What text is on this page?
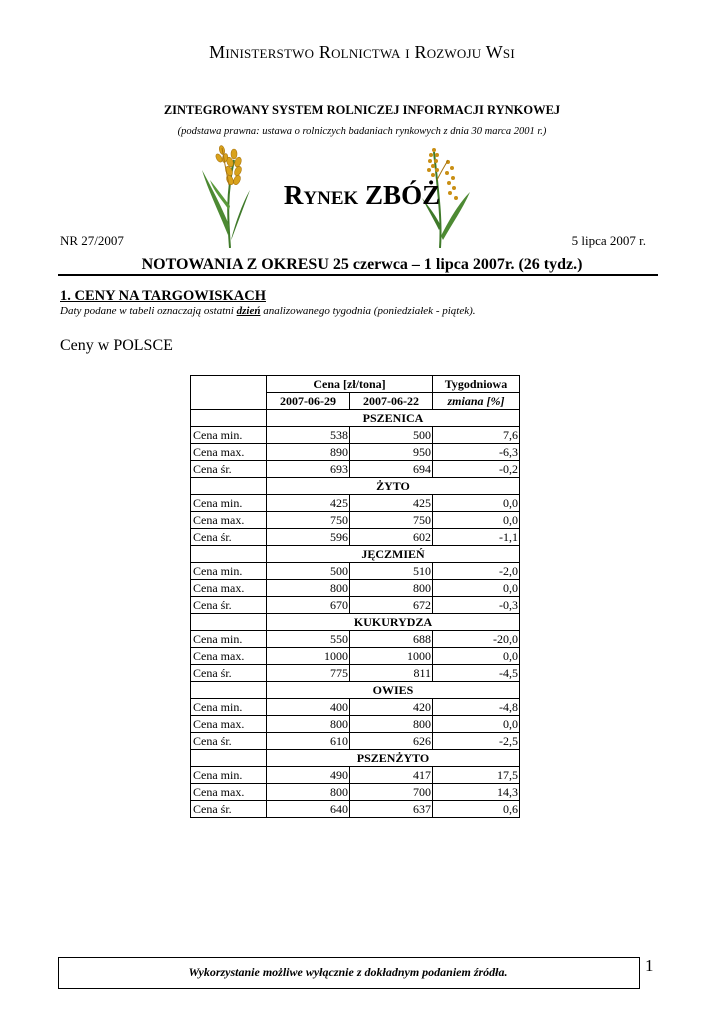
Ministerstwo Rolnictwa i Rozwoju Wsi
ZINTEGROWANY SYSTEM ROLNICZEJ INFORMACJI RYNKOWEJ
(podstawa prawna: ustawa o rolniczych badaniach rynkowych z dnia 30 marca 2001 r.)
Rynek ZBÓŻ
NR 27/2007	5 lipca 2007 r.
NOTOWANIA Z OKRESU 25 czerwca – 1 lipca 2007r. (26 tydz.)
1. CENY NA TARGOWISKACH
Daty podane w tabeli oznaczają ostatni dzień analizowanego tygodnia (poniedziałek - piątek).
Ceny w POLSCE
	Cena [zł/tona]		Tygodniowa
	2007-06-29	2007-06-22	zmiana [%]
	PSZENICA		
Cena min.	538	500	7,6
Cena max.	890	950	-6,3
Cena śr.	693	694	-0,2
	ŻYTO		
Cena min.	425	425	0,0
Cena max.	750	750	0,0
Cena śr.	596	602	-1,1
	JĘCZMIEŃ		
Cena min.	500	510	-2,0
Cena max.	800	800	0,0
Cena śr.	670	672	-0,3
	KUKURYDZA		
Cena min.	550	688	-20,0
Cena max.	1000	1000	0,0
Cena śr.	775	811	-4,5
	OWIES		
Cena min.	400	420	-4,8
Cena max.	800	800	0,0
Cena śr.	610	626	-2,5
	PSZENŻYTO		
Cena min.	490	417	17,5
Cena max.	800	700	14,3
Cena śr.	640	637	0,6
Wykorzystanie możliwe wyłącznie z dokładnym podaniem źródła.	1
